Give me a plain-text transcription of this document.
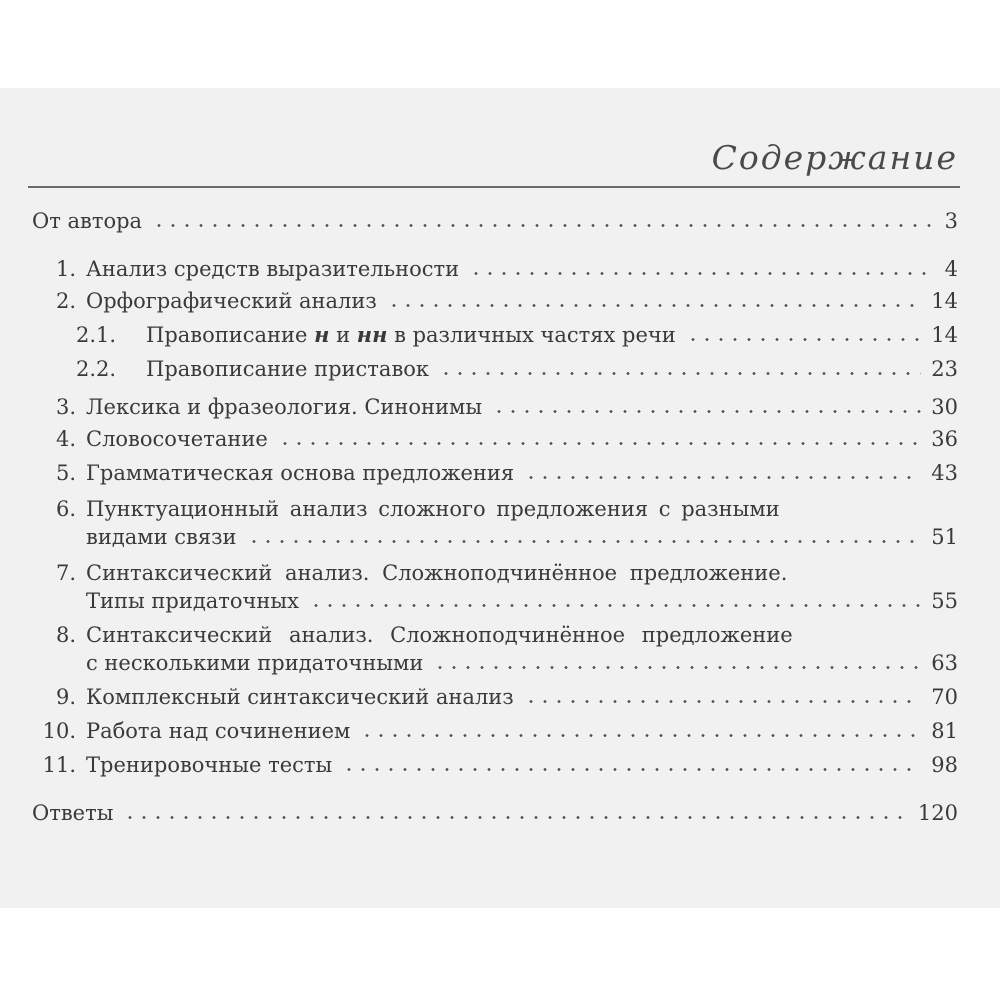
Содержание
От автора	3
1. Анализ средств выразительности	4
2. Орфографический анализ	14
2.1.	Правописание н и нн в различных частях речи	14
2.2.	Правописание приставок	23
3. Лексика и фразеология. Синонимы	30
4. Словосочетание	36
5. Грамматическая основа предложения	43
6. Пунктуационный анализ сложного предложения с разными
видами связи	51
7. Синтаксический анализ. Сложноподчинённое предложение.
Типы придаточных	55
8. Синтаксический анализ. Сложноподчинённое предложение
с несколькими придаточными	63
9. Комплексный синтаксический анализ	70
10. Работа над сочинением	81
11. Тренировочные тесты	98
Ответы	120
